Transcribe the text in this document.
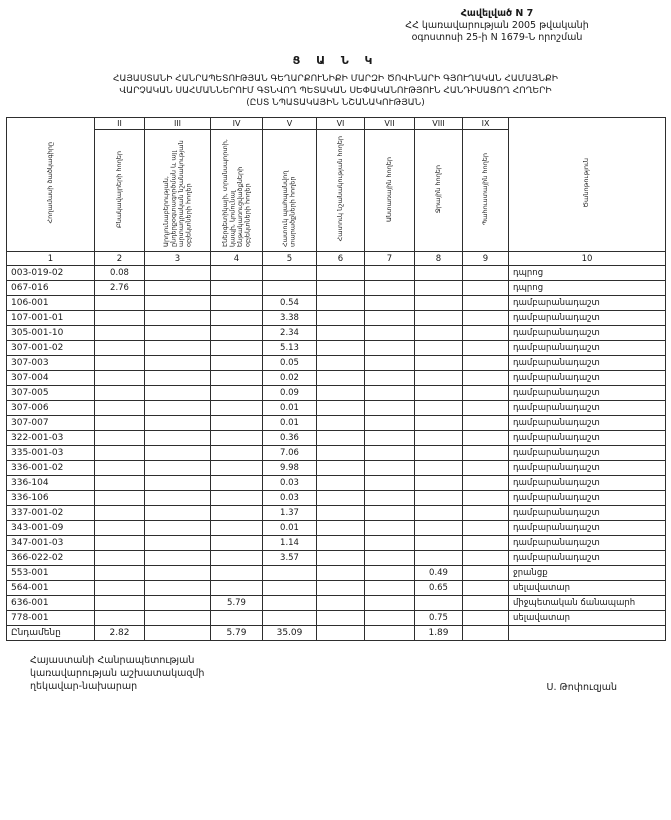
Հավելված N 7
ՀՀ կառավարության 2005 թվականի
օգոստոսի 25-ի N 1679-Ն որոշման
Ց Ա Ն Կ
ՀԱՅԱՍՏԱՆԻ ՀԱՆՐԱՊԵՏՈՒԹՅԱՆ ԳԵՂԱՐՔՈՒՆԻՔԻ ՄԱՐԶԻ ԾՈՎԻՆԱՐԻ ԳՅՈՒՂԱԿԱՆ ՀԱՄԱՅՆՔԻ
ՎԱՐՉԱԿԱՆ ՍԱՀՄԱՆՆԵՐՈՒՄ ԳՏՆՎՈՂ ՊԵՏԱԿԱՆ ՍԵՓԱԿԱՆՈՒԹՅՈՒՆ ՀԱՆԴԻՍԱՑՈՂ ՀՈՂԵՐԻ
(ԸՍՏ ՆՊԱՏԱԿԱՅԻՆ ՆՇԱՆԱԿՈՒԹՅԱՆ)
Հողամասի ծածկագիրը	II	III	IV	V	VI	VII	VIII	IX	Ծանոթություն
	Բնակավայրերի հողեր	Արդյունաբերության, ընդերքօգտագործման և այլ արտադրական նշանակության օբյեկտների հողեր	Էներգետիկայի, տրանսպորտի, կապի, կոմունալ ենթակառուցվածքների օբյեկտների հողեր	Հատուկ պահպանվող տարածքների հողեր	Հատուկ նշանակության հողեր	Անտառային հողեր	Ջրային հողեր	Պահուստային հողեր	
1	2	3	4	5	6	7	8	9	10
003-019-02	0.08								դպրոց
067-016	2.76								դպրոց
106-001				0.54					դամբարանադաշտ
107-001-01				3.38					դամբարանադաշտ
305-001-10				2.34					դամբարանադաշտ
307-001-02				5.13					դամբարանադաշտ
307-003				0.05					դամբարանադաշտ
307-004				0.02					դամբարանադաշտ
307-005				0.09					դամբարանադաշտ
307-006				0.01					դամբարանադաշտ
307-007				0.01					դամբարանադաշտ
322-001-03				0.36					դամբարանադաշտ
335-001-03				7.06					դամբարանադաշտ
336-001-02				9.98					դամբարանադաշտ
336-104				0.03					դամբարանադաշտ
336-106				0.03					դամբարանադաշտ
337-001-02				1.37					դամբարանադաշտ
343-001-09				0.01					դամբարանադաշտ
347-001-03				1.14					դամբարանադաշտ
366-022-02				3.57					դամբարանադաշտ
553-001							0.49		ջրանցք
564-001							0.65		սելավատար
636-001			5.79						միջպետական ճանապարհ
778-001							0.75		սելավատար
Ընդամենը	2.82		5.79	35.09			1.89		
Հայաստանի Հանրապետության
կառավարության աշխատակազմի
ղեկավար-նախարար	Ս. Թոփուզյան
